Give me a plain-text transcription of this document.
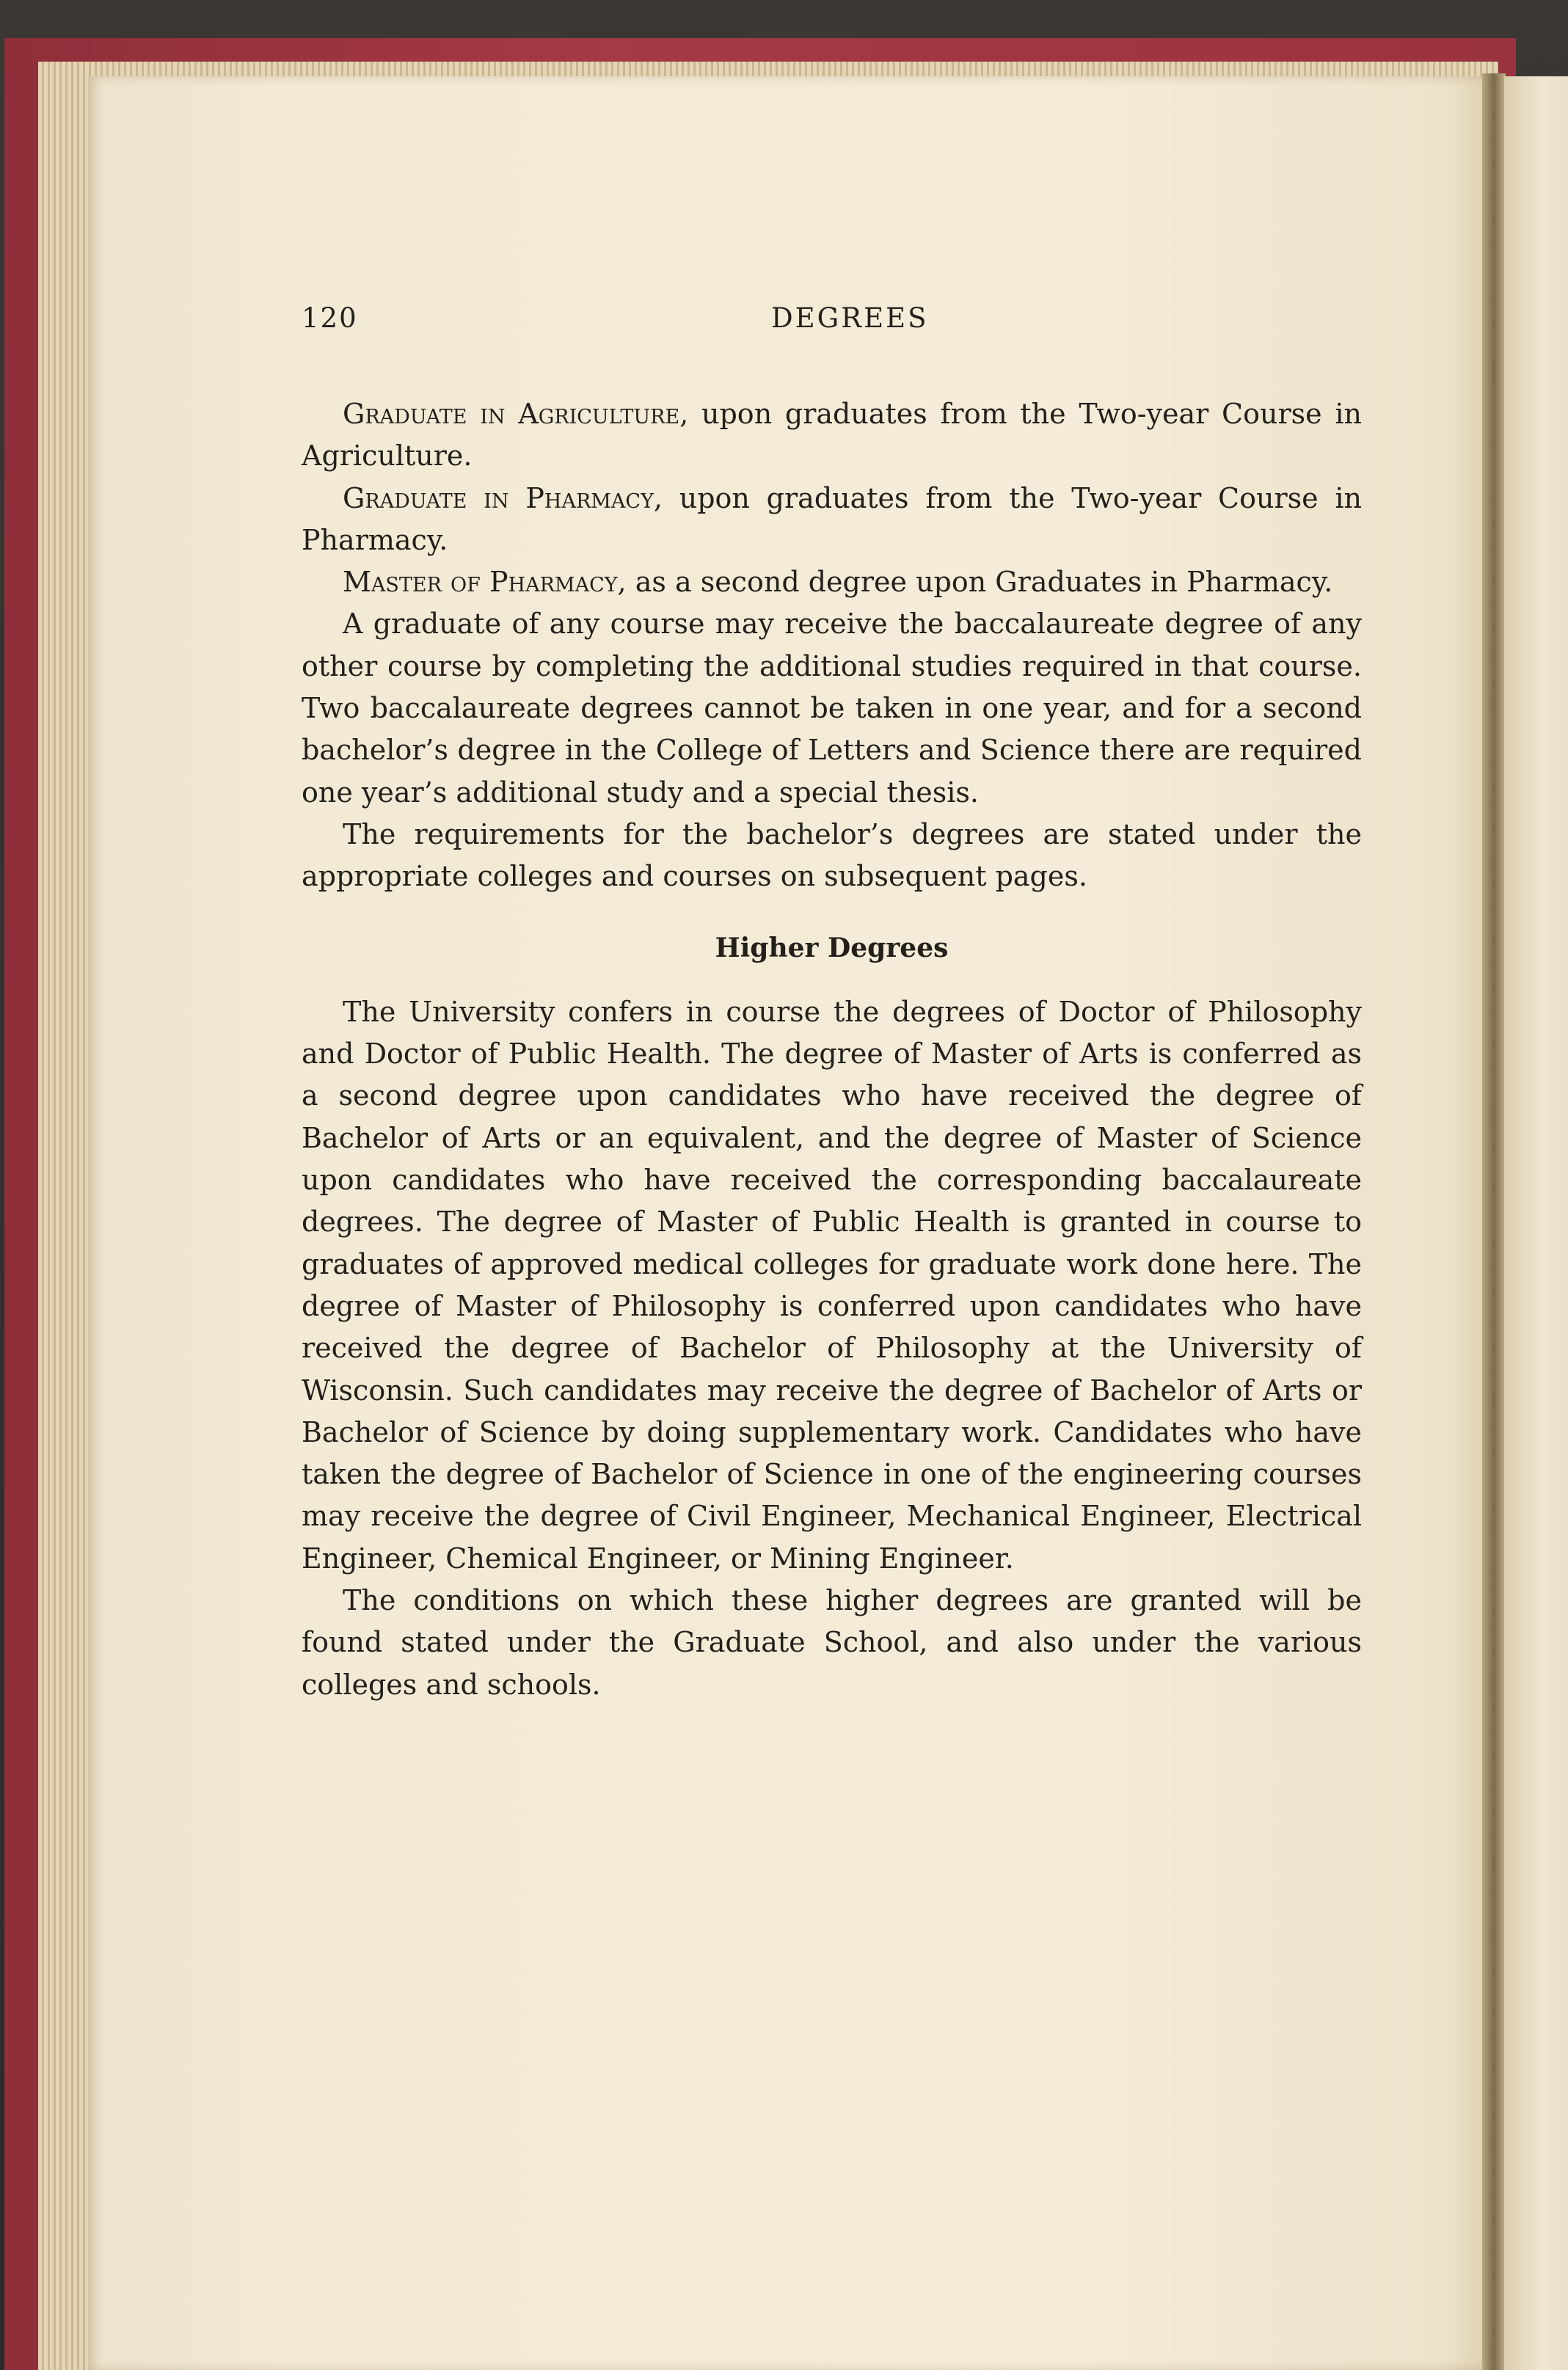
120	DEGREES

Graduate in Agriculture, upon graduates from the Two-year Course in Agriculture.

Graduate in Pharmacy, upon graduates from the Two-year Course in Pharmacy.

Master of Pharmacy, as a second degree upon Graduates in Pharmacy.

A graduate of any course may receive the baccalaureate degree of any other course by completing the additional studies required in that course. Two baccalaureate degrees cannot be taken in one year, and for a second bachelor’s degree in the College of Letters and Science there are required one year’s additional study and a special thesis.

The requirements for the bachelor’s degrees are stated under the appropriate colleges and courses on subsequent pages.

Higher Degrees

The University confers in course the degrees of Doctor of Philosophy and Doctor of Public Health. The degree of Master of Arts is conferred as a second degree upon candidates who have received the degree of Bachelor of Arts or an equivalent, and the degree of Master of Science upon candidates who have received the corresponding baccalaureate degrees. The degree of Master of Public Health is granted in course to graduates of approved medical colleges for graduate work done here. The degree of Master of Philosophy is conferred upon candidates who have received the degree of Bachelor of Philosophy at the University of Wisconsin. Such candidates may receive the degree of Bachelor of Arts or Bachelor of Science by doing supplementary work. Candidates who have taken the degree of Bachelor of Science in one of the engineering courses may receive the degree of Civil Engineer, Mechanical Engineer, Electrical Engineer, Chemical Engineer, or Mining Engineer.

The conditions on which these higher degrees are granted will be found stated under the Graduate School, and also under the various colleges and schools.
